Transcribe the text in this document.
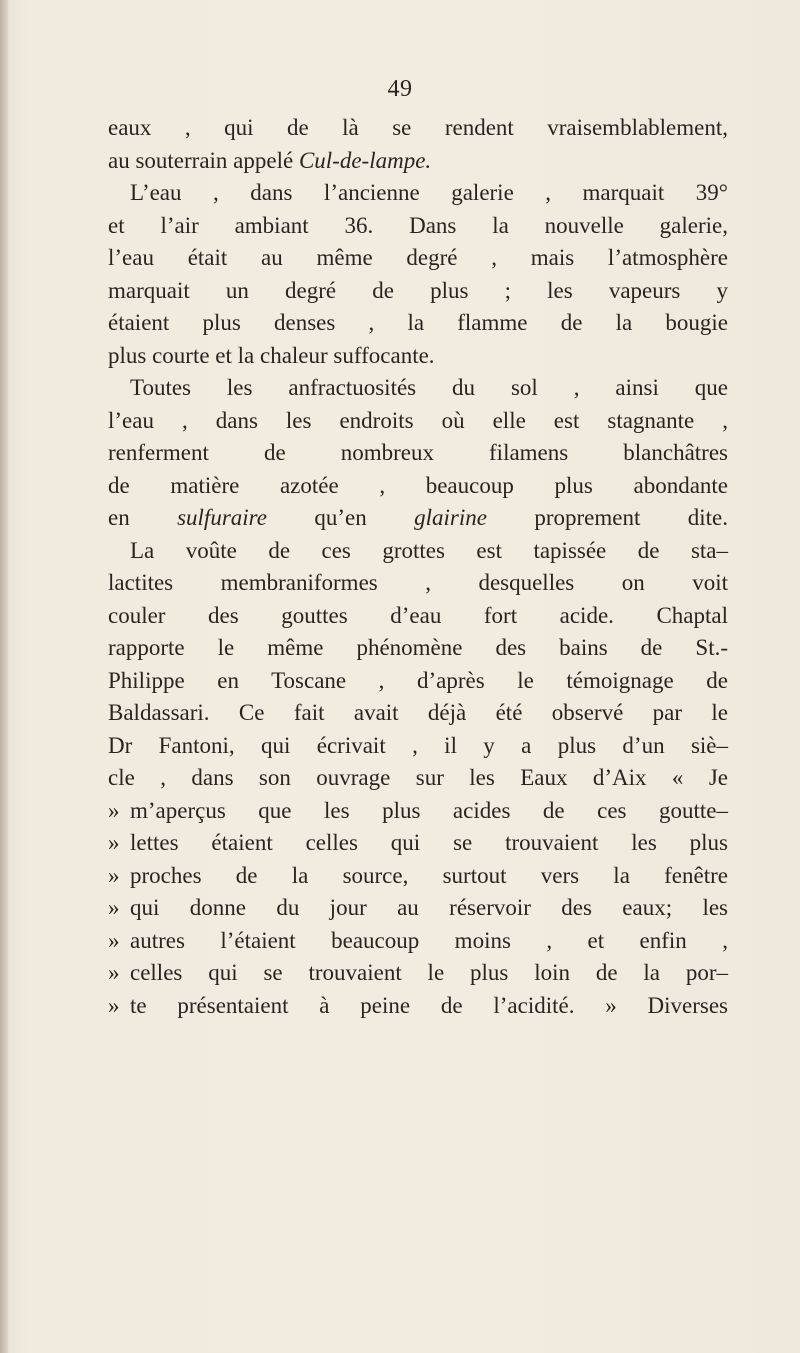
49
eaux , qui de là se rendent vraisemblablement,
au souterrain appelé Cul-de-lampe.
L’eau , dans l’ancienne galerie , marquait 39°
et l’air ambiant 36. Dans la nouvelle galerie,
l’eau était au même degré , mais l’atmosphère
marquait un degré de plus ; les vapeurs y
étaient plus denses , la flamme de la bougie
plus courte et la chaleur suffocante.
Toutes les anfractuosités du sol , ainsi que
l’eau , dans les endroits où elle est stagnante ,
renferment de nombreux filamens blanchâtres
de matière azotée , beaucoup plus abondante
en sulfuraire qu’en glairine proprement dite.
La voûte de ces grottes est tapissée de sta–
lactites membraniformes , desquelles on voit
couler des gouttes d’eau fort acide. Chaptal
rapporte le même phénomène des bains de St.-
Philippe en Toscane , d’après le témoignage de
Baldassari. Ce fait avait déjà été observé par le
Dr Fantoni, qui écrivait , il y a plus d’un siè–
cle , dans son ouvrage sur les Eaux d’Aix « Je
» m’aperçus que les plus acides de ces goutte–
» lettes étaient celles qui se trouvaient les plus
» proches de la source, surtout vers la fenêtre
» qui donne du jour au réservoir des eaux; les
» autres l’étaient beaucoup moins , et enfin ,
» celles qui se trouvaient le plus loin de la por–
» te présentaient à peine de l’acidité. » Diverses
